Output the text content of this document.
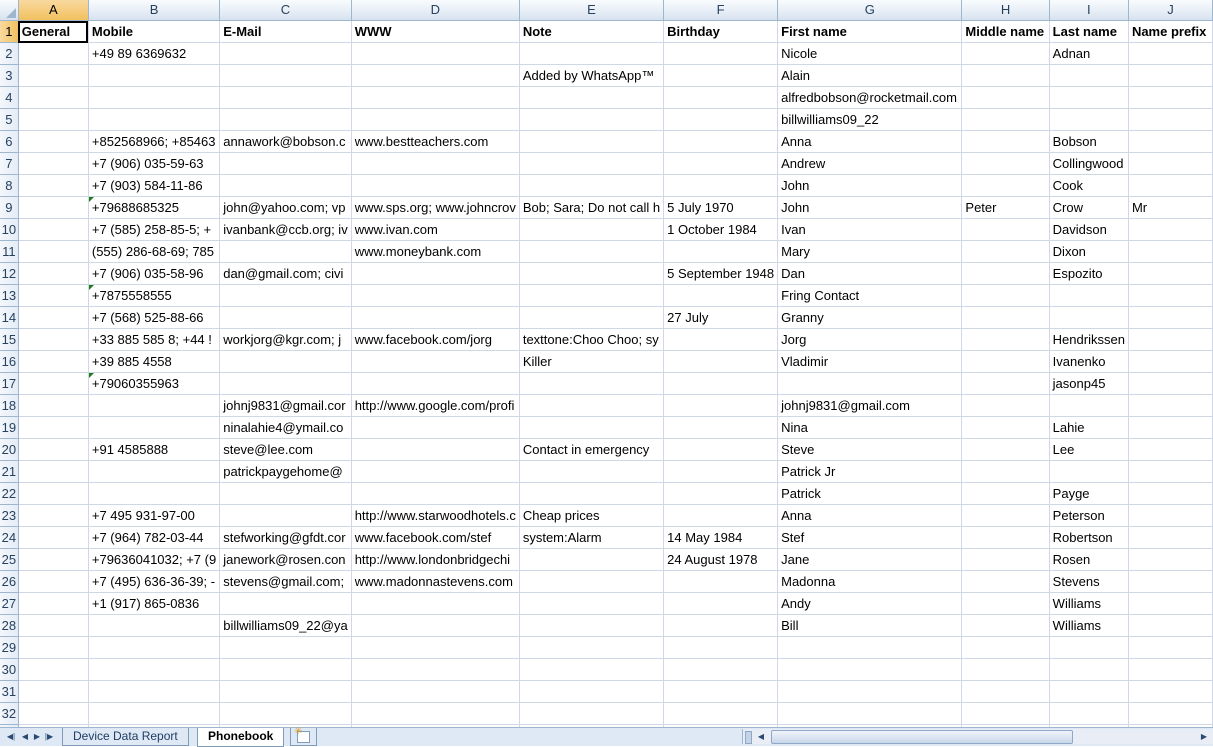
	A	B	C	D	E	F	G	H	I	J
1	General	Mobile	E-Mail	WWW	Note	Birthday	First name	Middle name	Last name	Name prefix
2		+49 89 6369632					Nicole		Adnan	
3					Added by WhatsApp™		Alain			
4							alfredbobson@rocketmail.com			
5							billwilliams09_22			
6		+852568966; +85463	annawork@bobson.c	www.bestteachers.com			Anna		Bobson	
7		+7 (906) 035-59-63					Andrew		Collingwood	
8		+7 (903) 584-11-86					John		Cook	
9		+79688685325	john@yahoo.com; vp	www.sps.org; www.johncrov	Bob; Sara; Do not call h	5 July 1970	John	Peter	Crow	Mr
10		+7 (585) 258-85-5; +	ivanbank@ccb.org; iv	www.ivan.com		1 October 1984	Ivan		Davidson	
11		(555) 286-68-69; 785		www.moneybank.com			Mary		Dixon	
12		+7 (906) 035-58-96	dan@gmail.com; civi			5 September 1948	Dan		Espozito	
13		+7875558555					Fring Contact			
14		+7 (568) 525-88-66				27 July	Granny			
15		+33 885 585 8; +44 !	workjorg@kgr.com; j	www.facebook.com/jorg	texttone:Choo Choo; sy		Jorg		Hendrikssen	
16		+39 885 4558			Killer		Vladimir		Ivanenko	
17		+79060355963							jasonp45	
18			johnj9831@gmail.cor	http://www.google.com/profi			johnj9831@gmail.com			
19			ninalahie4@ymail.co				Nina		Lahie	
20		+91 4585888	steve@lee.com		Contact in emergency		Steve		Lee	
21			patrickpaygehome@				Patrick Jr			
22							Patrick		Payge	
23		+7 495 931-97-00		http://www.starwoodhotels.c	Cheap prices		Anna		Peterson	
24		+7 (964) 782-03-44	stefworking@gfdt.cor	www.facebook.com/stef	system:Alarm	14 May 1984	Stef		Robertson	
25		+79636041032; +7 (9	janework@rosen.con	http://www.londonbridgechi		24 August 1978	Jane		Rosen	
26		+7 (495) 636-36-39; -	stevens@gmail.com;	www.madonnastevens.com			Madonna		Stevens	
27		+1 (917) 865-0836					Andy		Williams	
28			billwilliams09_22@ya				Bill		Williams	
29										
30										
31										
32										

◀| ◀ ▶ |▶	Device Data Report	Phonebook	✳	◀	▶
